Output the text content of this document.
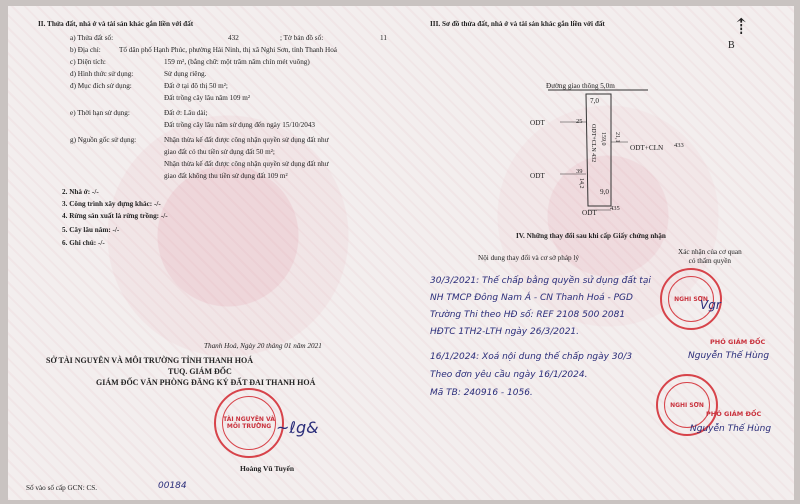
II. Thửa đất, nhà ở và tài sản khác gắn liền với đất
a) Thửa đất số:	432	; Tờ bản đồ số:	11
b) Địa chỉ:	Tổ dân phố Hạnh Phúc, phường Hải Ninh, thị xã Nghi Sơn, tỉnh Thanh Hoá
c) Diện tích:	159 m², (bằng chữ: một trăm năm chín mét vuông)
d) Hình thức sử dụng:	Sử dụng riêng.
đ) Mục đích sử dụng:	Đất ở tại đô thị 50 m²;
Đất trồng cây lâu năm 109 m²
e) Thời hạn sử dụng:	Đất ở: Lâu dài;
Đất trồng cây lâu năm sử dụng đến ngày 15/10/2043
g) Nguồn gốc sử dụng:	Nhận thừa kế đất được công nhận quyền sử dụng đất như
giao đất có thu tiền sử dụng đất 50 m²;
Nhận thừa kế đất được công nhận quyền sử dụng đất như
giao đất không thu tiền sử dụng đất 109 m²
2. Nhà ở: -/-
3. Công trình xây dựng khác: -/-
4. Rừng sản xuất là rừng trồng: -/-
5. Cây lâu năm: -/-
6. Ghi chú: -/-
Thanh Hoá, Ngày 20 tháng 01 năm 2021
SỞ TÀI NGUYÊN VÀ MÔI TRƯỜNG TỈNH THANH HOÁ
TUQ. GIÁM ĐỐC
GIÁM ĐỐC VĂN PHÒNG ĐĂNG KÝ ĐẤT ĐAI THANH HOÁ
TÀI NGUYÊN VÀ MÔI TRƯỜNG ~ℓg&
Hoàng Vũ Tuyến
Số vào sổ cấp GCN: CS.	00184
III. Sơ đồ thửa đất, nhà ở và tài sản khác gắn liền với đất	⇡
B
Đường giao thông 5,0m
7,0
ODT	25
ODT+CLN 432 159,0 21,1
ODT+CLN 433
ODT
39
14,2
9,0
ODT
435
IV. Những thay đổi sau khi cấp Giấy chứng nhận
Nội dung thay đổi và cơ sở pháp lý
Xác nhận của cơ quan
có thẩm quyền
30/3/2021: Thế chấp bằng quyền sử dụng đất tại
NH TMCP Đông Nam Á - CN Thanh Hoá - PGD
Trường Thi theo HĐ số: REF 2108 500 2081
HĐTC 1TH2-LTH ngày 26/3/2021.
16/1/2024: Xoá nội dung thế chấp ngày 30/3
Theo đơn yêu cầu ngày 16/1/2024.
Mã TB: 240916 - 1056.
NGHI SƠN
Vgr
PHÓ GIÁM ĐỐC
Nguyễn Thế Hùng
NGHI SƠN
PHÓ GIÁM ĐỐC
Nguyễn Thế Hùng
